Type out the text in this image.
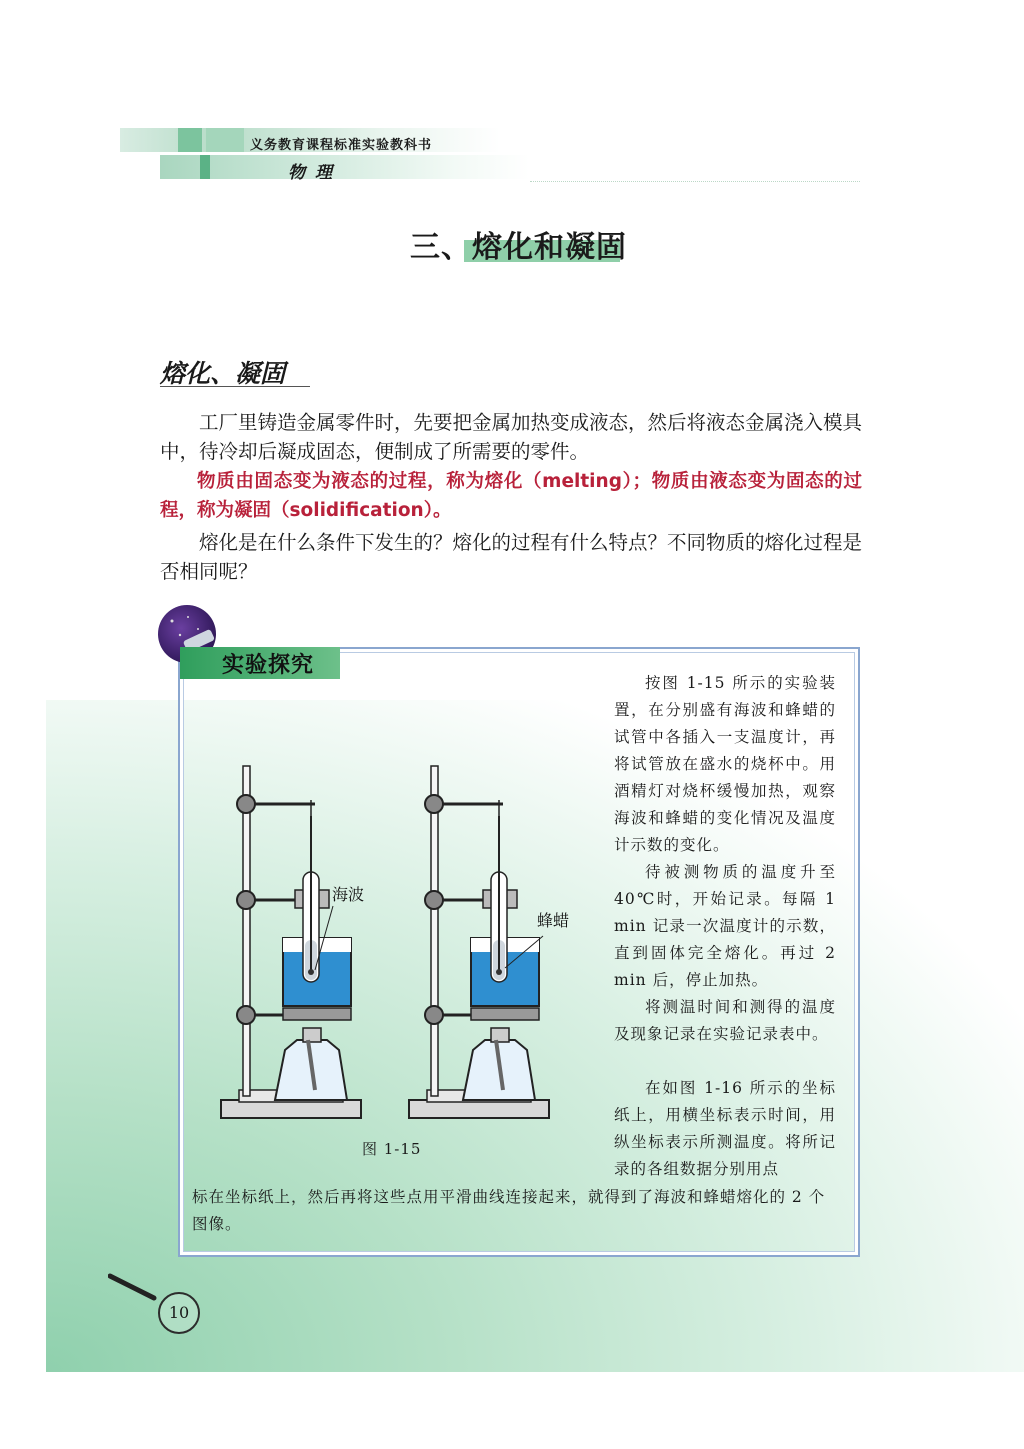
义务教育课程标准实验教科书
物理
三、熔化和凝固
熔化、凝固

工厂里铸造金属零件时，先要把金属加热变成液态，然后将液态金属浇入模具中，待冷却后凝成固态，便制成了所需要的零件。

物质由固态变为液态的过程，称为熔化（melting）；物质由液态变为固态的过程，称为凝固（solidification）。

熔化是在什么条件下发生的？熔化的过程有什么特点？不同物质的熔化过程是否相同呢？

实验探究

按图 1-15 所示的实验装置，在分别盛有海波和蜂蜡的试管中各插入一支温度计，再将试管放在盛水的烧杯中。用酒精灯对烧杯缓慢加热，观察海波和蜂蜡的变化情况及温度计示数的变化。

待被测物质的温度升至 40℃时，开始记录。每隔 1 min 记录一次温度计的示数，直到固体完全熔化。再过 2 min 后，停止加热。

将测温时间和测得的温度及现象记录在实验记录表中。

在如图 1-16 所示的坐标纸上，用横坐标表示时间，用纵坐标表示所测温度。将所记录的各组数据分别用点

标在坐标纸上，然后再将这些点用平滑曲线连接起来，就得到了海波和蜂蜡熔化的 2 个图像。

海波
蜂蜡
图 1-15
10
